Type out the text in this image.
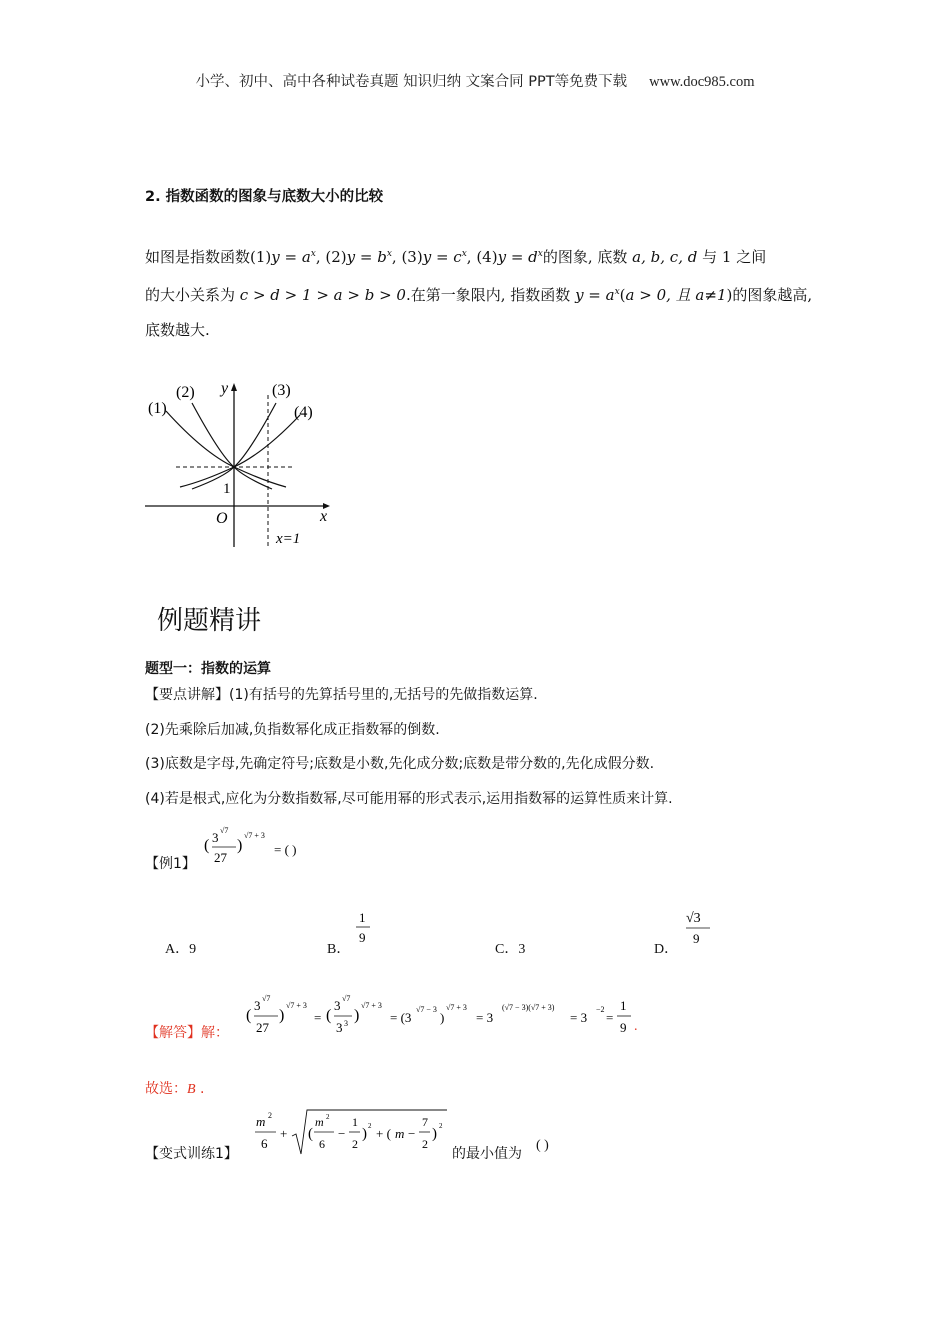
小学、初中、高中各种试卷真题 知识归纳 文案合同 PPT等免费下载 www.doc985.com
2. 指数函数的图象与底数大小的比较
如图是指数函数$(1)y = a^x$, $(2)y = b^x$, $(3)y = c^x$, $(4)y = d^x$的图象, 底数 a, b, c, d 与 1 之间
的大小关系为 c > d > 1 > a > b > 0.在第一象限内, 指数函数 $y = a^x(a > 0$, 且 a≠1)的图象越高,
底数越大.
(1)
(2)	(3)
(4)
y
x
O
1
x=1
例题精讲
题型一：指数的运算
【要点讲解】(1)有括号的先算括号里的,无括号的先做指数运算.
(2)先乘除后加减,负指数幂化成正指数幂的倒数.
(3)底数是字母,先确定符号;底数是小数,先化成分数;底数是带分数的,先化成假分数.
(4)若是根式,应化为分数指数幂,尽可能用幂的形式表示,运用指数幂的运算性质来计算.
【例1】
( 3 √7
27
)
√7 + 3
= ( )
A．9	B．
1
9
C．3	D．
√3
9
【解答】解：
(
3 √7
27
)
√7 + 3
= (
3 √7
3 3 )
√7 + 3
= (3
√7 − 3
)
√7 + 3
= 3
(√7 − 3)(√7 + 3)
= 3
−2
=
1
9 .
故选：B .
【变式训练1】
m 2
6
+ (
m 2
6
−
1
2
) 2 + ( m −
7
2
) 2
的最小值为
( )
